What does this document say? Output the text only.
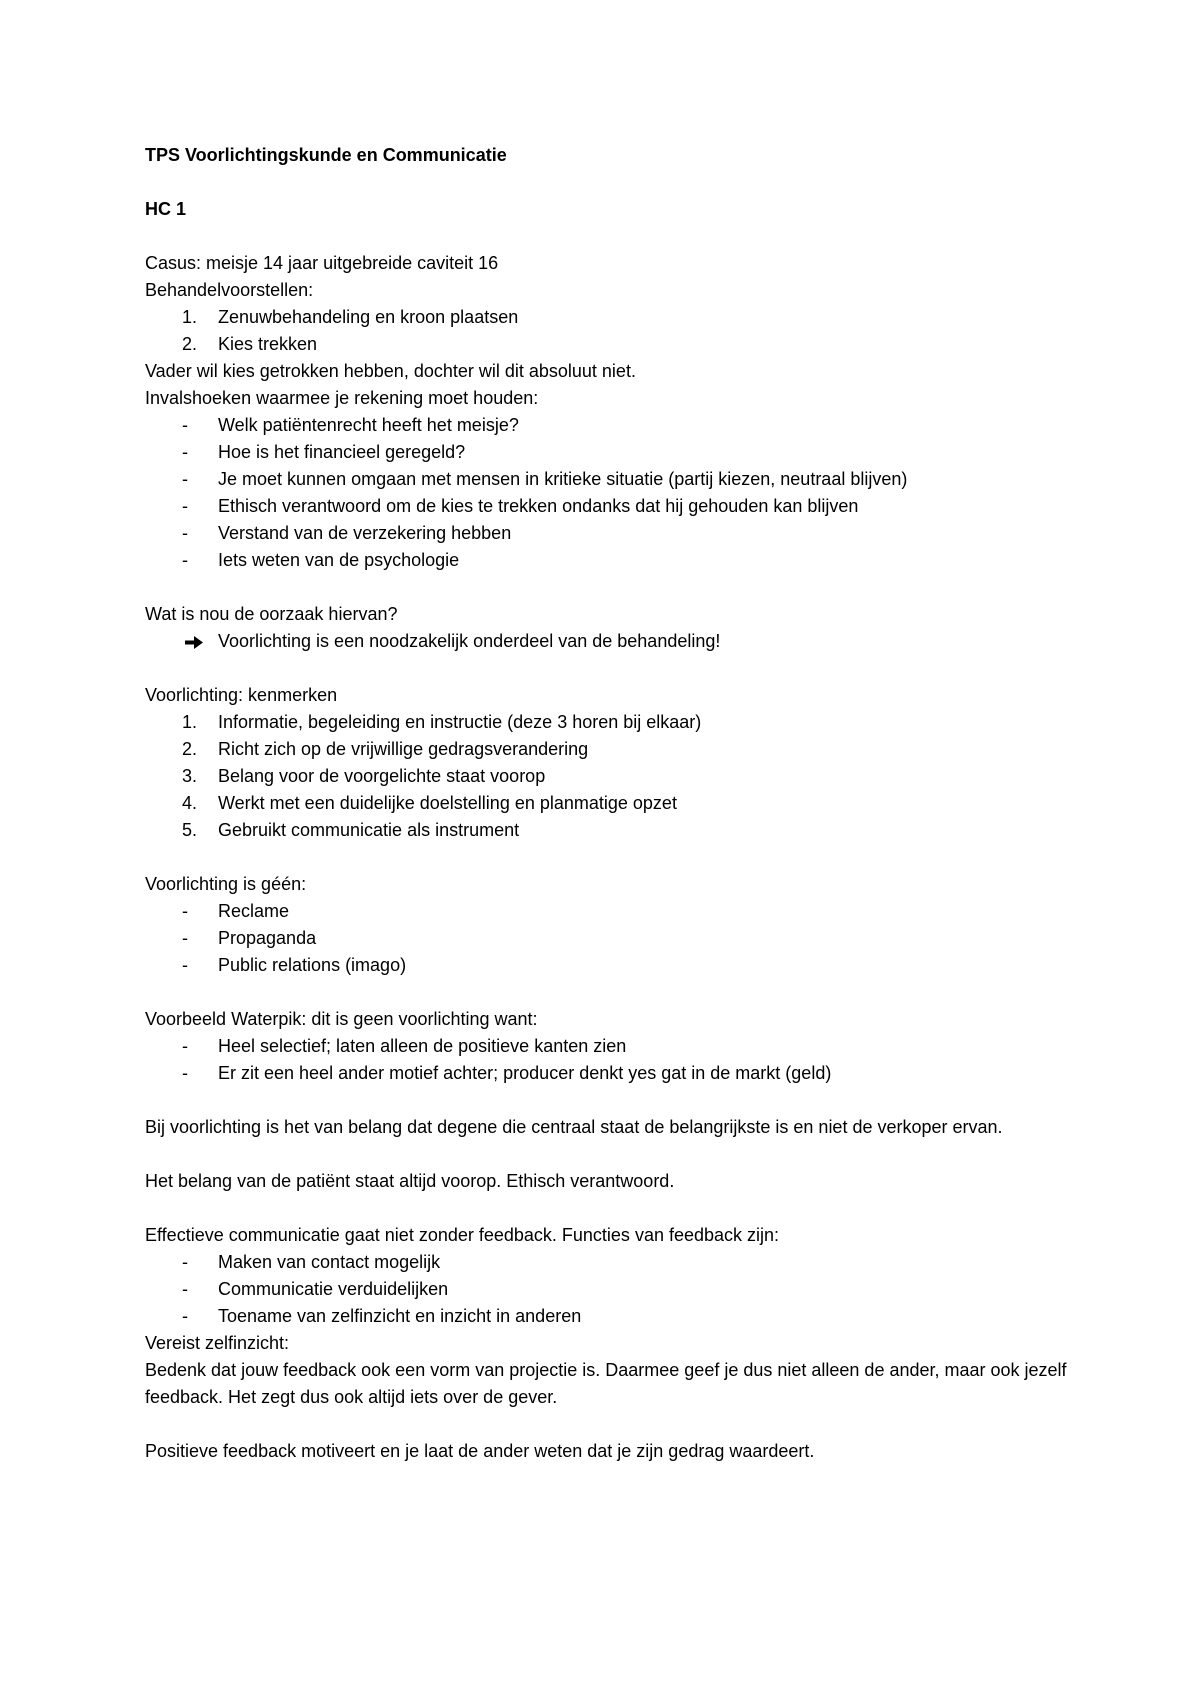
TPS Voorlichtingskunde en Communicatie

HC 1

Casus: meisje 14 jaar uitgebreide caviteit 16

Behandelvoorstellen:

1. Zenuwbehandeling en kroon plaatsen
2. Kies trekken

Vader wil kies getrokken hebben, dochter wil dit absoluut niet.

Invalshoeken waarmee je rekening moet houden:

- Welk patiëntenrecht heeft het meisje?
- Hoe is het financieel geregeld?
- Je moet kunnen omgaan met mensen in kritieke situatie (partij kiezen, neutraal blijven)
- Ethisch verantwoord om de kies te trekken ondanks dat hij gehouden kan blijven
- Verstand van de verzekering hebben
- Iets weten van de psychologie

Wat is nou de oorzaak hiervan?

Voorlichting is een noodzakelijk onderdeel van de behandeling!

Voorlichting: kenmerken

1. Informatie, begeleiding en instructie (deze 3 horen bij elkaar)
2. Richt zich op de vrijwillige gedragsverandering
3. Belang voor de voorgelichte staat voorop
4. Werkt met een duidelijke doelstelling en planmatige opzet
5. Gebruikt communicatie als instrument

Voorlichting is géén:

- Reclame
- Propaganda
- Public relations (imago)

Voorbeeld Waterpik: dit is geen voorlichting want:

- Heel selectief; laten alleen de positieve kanten zien
- Er zit een heel ander motief achter; producer denkt yes gat in de markt (geld)

Bij voorlichting is het van belang dat degene die centraal staat de belangrijkste is en niet de verkoper ervan.

Het belang van de patiënt staat altijd voorop. Ethisch verantwoord.

Effectieve communicatie gaat niet zonder feedback. Functies van feedback zijn:

- Maken van contact mogelijk
- Communicatie verduidelijken
- Toename van zelfinzicht en inzicht in anderen

Vereist zelfinzicht:

Bedenk dat jouw feedback ook een vorm van projectie is. Daarmee geef je dus niet alleen de ander, maar ook jezelf feedback. Het zegt dus ook altijd iets over de gever.

Positieve feedback motiveert en je laat de ander weten dat je zijn gedrag waardeert.
